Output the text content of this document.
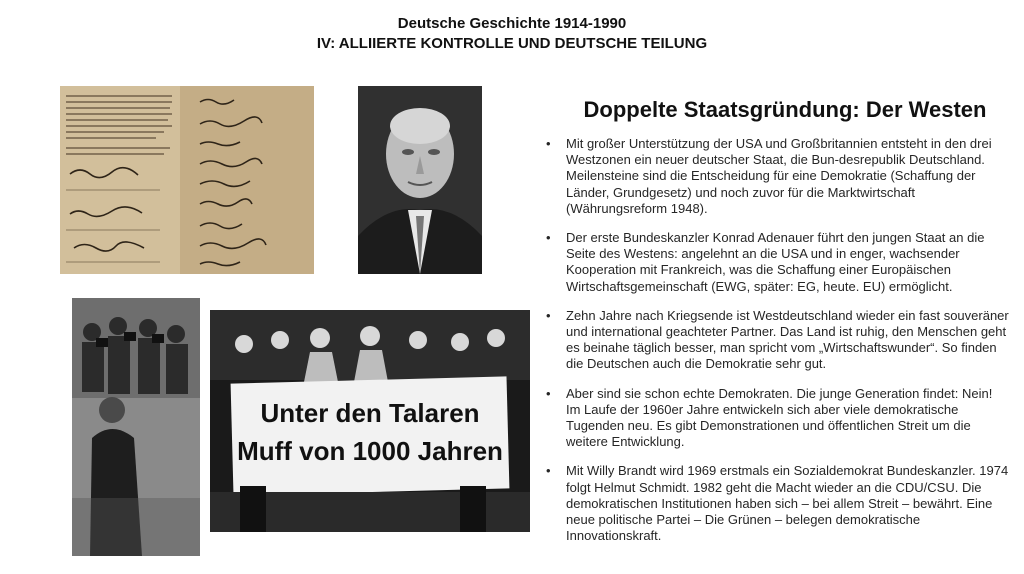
Deutsche Geschichte 1914-1990
IV: ALLIIERTE KONTROLLE UND DEUTSCHE TEILUNG
Unter den Talaren
Muff von 1000 Jahren
Doppelte Staatsgründung: Der Westen
• Mit großer Unterstützung der USA und Großbritannien entsteht in den drei Westzonen ein neuer deutscher Staat, die Bun-desrepublik Deutschland. Meilensteine sind die Entscheidung für eine Demokratie (Schaffung der Länder, Grundgesetz) und noch zuvor für die Marktwirtschaft (Währungsreform 1948).
• Der erste Bundeskanzler Konrad Adenauer führt den jungen Staat an die Seite des Westens: angelehnt an die USA und in enger, wachsender Kooperation mit Frankreich, was die Schaffung einer Europäischen Wirtschaftsgemeinschaft (EWG, später: EG, heute. EU) ermöglicht.
• Zehn Jahre nach Kriegsende ist Westdeutschland wieder ein fast souveräner und international geachteter Partner. Das Land ist ruhig, den Menschen geht es beinahe täglich besser, man spricht vom „Wirtschaftswunder“. So finden die Deutschen auch die Demokratie sehr gut.
• Aber sind sie schon echte Demokraten. Die junge Generation findet: Nein! Im Laufe der 1960er Jahre entwickeln sich aber viele demokratische Tugenden neu. Es gibt Demonstrationen und öffentlichen Streit um die weitere Entwicklung.
• Mit Willy Brandt wird 1969 erstmals ein Sozialdemokrat Bundeskanzler. 1974 folgt Helmut Schmidt. 1982 geht die Macht wieder an die CDU/CSU. Die demokratischen Institutionen haben sich – bei allem Streit – bewährt. Eine neue politische Partei – Die Grünen – belegen demokratische Innovationskraft.
